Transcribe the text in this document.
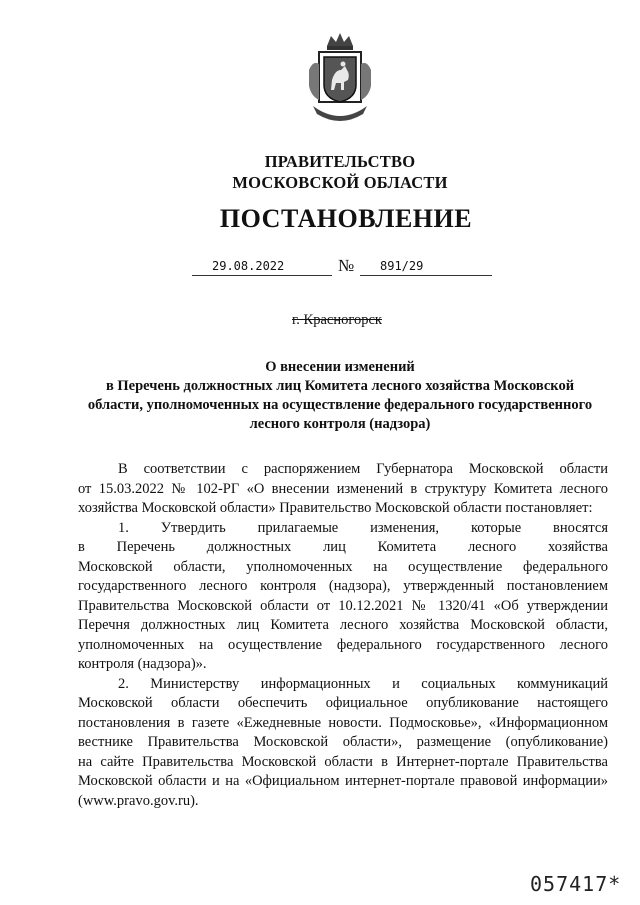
ПРАВИТЕЛЬСТВО
МОСКОВСКОЙ ОБЛАСТИ
ПОСТАНОВЛЕНИЕ
29.08.2022	№	891/29
г. Красногорск
О внесении изменений
в Перечень должностных лиц Комитета лесного хозяйства Московской
области, уполномоченных на осуществление федерального государственного
лесного контроля (надзора)
В соответствии с распоряжением Губернатора Московской области
от 15.03.2022 № 102-РГ «О внесении изменений в структуру Комитета лесного
хозяйства Московской области» Правительство Московской области постановляет:
1. Утвердить прилагаемые изменения, которые вносятся
в Перечень должностных лиц Комитета лесного хозяйства
Московской области, уполномоченных на осуществление федерального
государственного лесного контроля (надзора), утвержденный постановлением
Правительства Московской области от 10.12.2021 № 1320/41 «Об утверждении
Перечня должностных лиц Комитета лесного хозяйства Московской области,
уполномоченных на осуществление федерального государственного лесного
контроля (надзора)».
2. Министерству информационных и социальных коммуникаций
Московской области обеспечить официальное опубликование настоящего
постановления в газете «Ежедневные новости. Подмосковье», «Информационном
вестнике Правительства Московской области», размещение (опубликование)
на сайте Правительства Московской области в Интернет-портале Правительства
Московской области и на «Официальном интернет-портале правовой информации»
(www.pravo.gov.ru).
057417*
